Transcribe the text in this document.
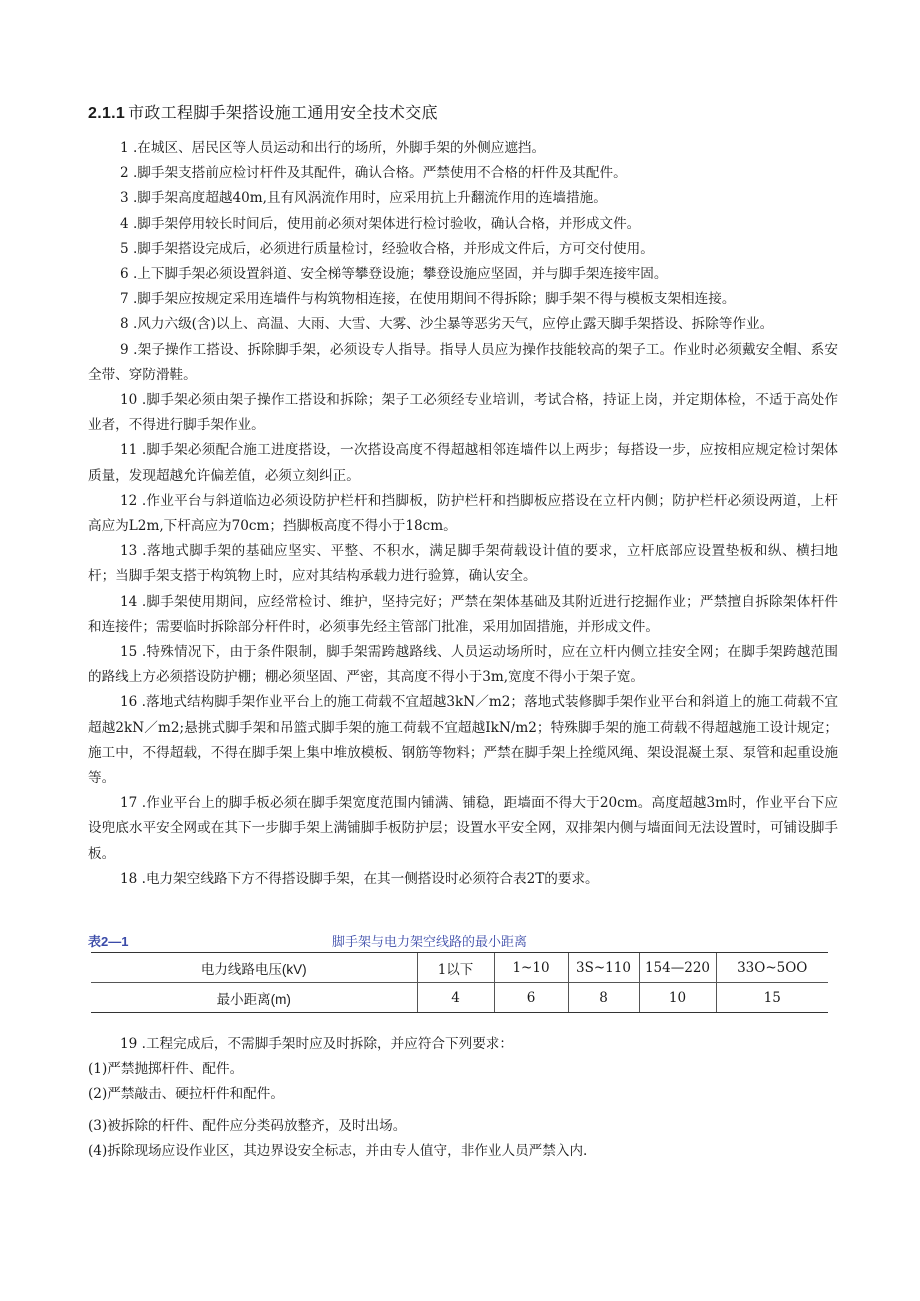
2.1.1 市政工程脚手架搭设施工通用安全技术交底

1 .在城区、居民区等人员运动和出行的场所，外脚手架的外侧应遮挡。

2 .脚手架支搭前应检讨杆件及其配件，确认合格。严禁使用不合格的杆件及其配件。

3 .脚手架高度超越40m,且有风涡流作用时，应采用抗上升翻流作用的连墙措施。

4 .脚手架停用较长时间后，使用前必须对架体进行检讨验收，确认合格，并形成文件。

5 .脚手架搭设完成后，必须进行质量检讨，经验收合格，并形成文件后，方可交付使用。

6 .上下脚手架必须设置斜道、安全梯等攀登设施；攀登设施应坚固，并与脚手架连接牢固。

7 .脚手架应按规定采用连墙件与构筑物相连接，在使用期间不得拆除；脚手架不得与模板支架相连接。

8 .风力六级(含)以上、高温、大雨、大雪、大雾、沙尘暴等恶劣天气，应停止露天脚手架搭设、拆除等作业。

9 .架子操作工搭设、拆除脚手架，必须设专人指导。指导人员应为操作技能较高的架子工。作业时必须戴安全帽、系安全带、穿防滑鞋。

10 .脚手架必须由架子操作工搭设和拆除；架子工必须经专业培训，考试合格，持证上岗，并定期体检，不适于高处作业者，不得进行脚手架作业。

11 .脚手架必须配合施工进度搭设，一次搭设高度不得超越相邻连墙件以上两步；每搭设一步，应按相应规定检讨架体质量，发现超越允许偏差值，必须立刻纠正。

12 .作业平台与斜道临边必须设防护栏杆和挡脚板，防护栏杆和挡脚板应搭设在立杆内侧；防护栏杆必须设两道，上杆高应为L2m,下杆高应为70cm；挡脚板高度不得小于18cm。

13 .落地式脚手架的基础应坚实、平整、不积水，满足脚手架荷载设计值的要求，立杆底部应设置垫板和纵、横扫地杆；当脚手架支搭于构筑物上时，应对其结构承载力进行验算，确认安全。

14 .脚手架使用期间，应经常检讨、维护，坚持完好；严禁在架体基础及其附近进行挖掘作业；严禁擅自拆除架体杆件和连接件；需要临时拆除部分杆件时，必须事先经主管部门批准，采用加固措施，并形成文件。

15 .特殊情况下，由于条件限制，脚手架需跨越路线、人员运动场所时，应在立杆内侧立挂安全网；在脚手架跨越范围的路线上方必须搭设防护棚；棚必须坚固、严密，其高度不得小于3m,宽度不得小于架子宽。

16 .落地式结构脚手架作业平台上的施工荷载不宜超越3kN／m2；落地式装修脚手架作业平台和斜道上的施工荷载不宜超越2kN／m2;悬挑式脚手架和吊篮式脚手架的施工荷载不宜超越IkN/m2；特殊脚手架的施工荷载不得超越施工设计规定；施工中，不得超载，不得在脚手架上集中堆放模板、钢筋等物料；严禁在脚手架上拴缆风绳、架设混凝土泵、泵管和起重设施等。

17 .作业平台上的脚手板必须在脚手架宽度范围内铺满、铺稳，距墙面不得大于20cm。高度超越3m时，作业平台下应设兜底水平安全网或在其下一步脚手架上满铺脚手板防护层；设置水平安全网，双排架内侧与墙面间无法设置时，可铺设脚手板。

18 .电力架空线路下方不得搭设脚手架，在其一侧搭设时必须符合表2T的要求。

表2—1	脚手架与电力架空线路的最小距离
电力线路电压(kV)	1以下	1~10	3S~110	154—220	33O~5OO
最小距离(m)	4	6	8	10	15

19 .工程完成后，不需脚手架时应及时拆除，并应符合下列要求：

(1)严禁抛掷杆件、配件。

(2)严禁敲击、硬拉杆件和配件。

(3)被拆除的杆件、配件应分类码放整齐，及时出场。

(4)拆除现场应设作业区，其边界设安全标志，并由专人值守，非作业人员严禁入内.
